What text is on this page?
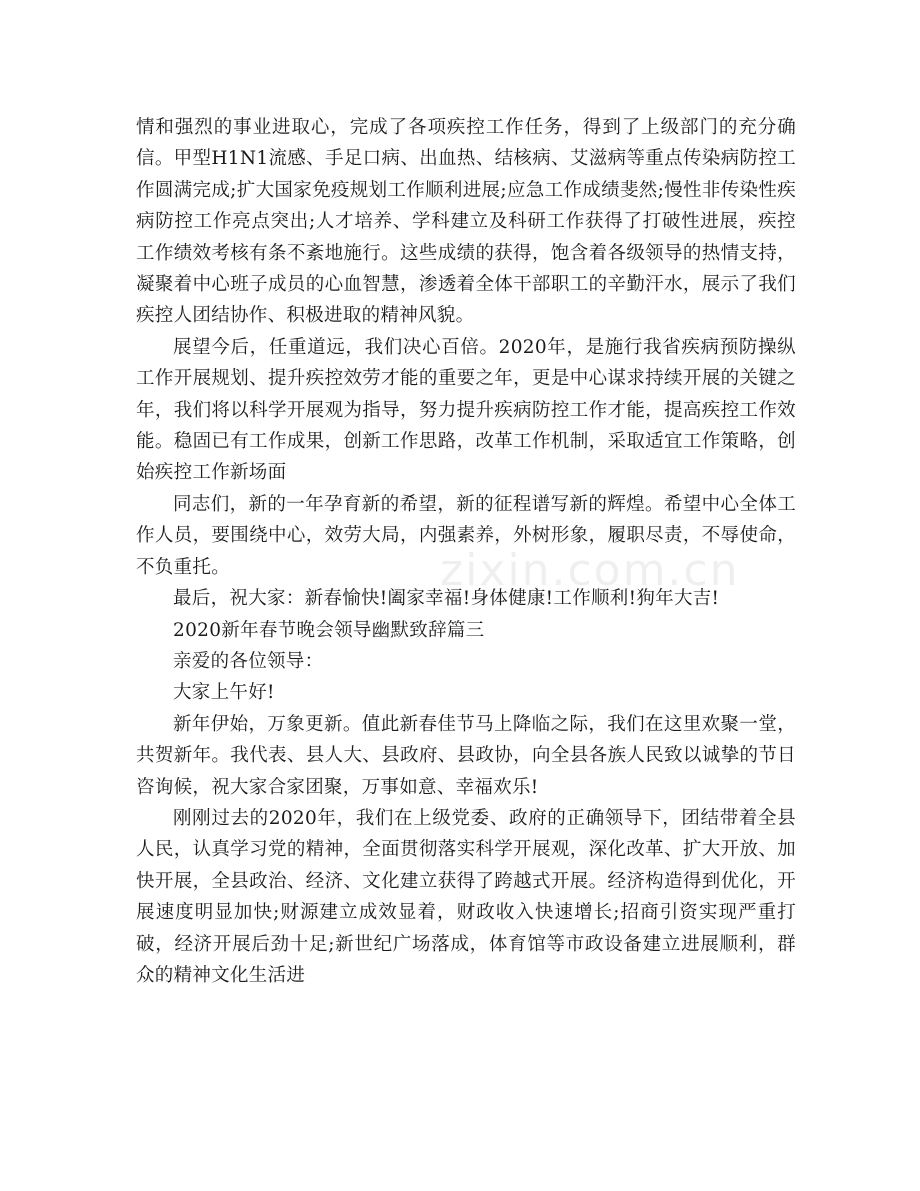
情和强烈的事业进取心，完成了各项疾控工作任务，得到了上级部门的充分确信。甲型H1N1流感、手足口病、出血热、结核病、艾滋病等重点传染病防控工作圆满完成;扩大国家免疫规划工作顺利进展;应急工作成绩斐然;慢性非传染性疾病防控工作亮点突出;人才培养、学科建立及科研工作获得了打破性进展，疾控工作绩效考核有条不紊地施行。这些成绩的获得，饱含着各级领导的热情支持，凝聚着中心班子成员的心血智慧，渗透着全体干部职工的辛勤汗水，展示了我们疾控人团结协作、积极进取的精神风貌。

展望今后，任重道远，我们决心百倍。2020年，是施行我省疾病预防操纵工作开展规划、提升疾控效劳才能的重要之年，更是中心谋求持续开展的关键之年，我们将以科学开展观为指导，努力提升疾病防控工作才能，提高疾控工作效能。稳固已有工作成果，创新工作思路，改革工作机制，采取适宜工作策略，创始疾控工作新场面

同志们，新的一年孕育新的希望，新的征程谱写新的辉煌。希望中心全体工作人员，要围绕中心，效劳大局，内强素养，外树形象，履职尽责，不辱使命，不负重托。

最后，祝大家：新春愉快!阖家幸福!身体健康!工作顺利!狗年大吉!

2020新年春节晚会领导幽默致辞篇三

亲爱的各位领导：

大家上午好!

新年伊始，万象更新。值此新春佳节马上降临之际，我们在这里欢聚一堂，共贺新年。我代表、县人大、县政府、县政协，向全县各族人民致以诚挚的节日咨询候，祝大家合家团聚，万事如意、幸福欢乐!

刚刚过去的2020年，我们在上级党委、政府的正确领导下，团结带着全县人民，认真学习党的精神，全面贯彻落实科学开展观，深化改革、扩大开放、加快开展，全县政治、经济、文化建立获得了跨越式开展。经济构造得到优化，开展速度明显加快;财源建立成效显着，财政收入快速增长;招商引资实现严重打破，经济开展后劲十足;新世纪广场落成，体育馆等市政设备建立进展顺利，群众的精神文化生活进

zixin.com.cn
